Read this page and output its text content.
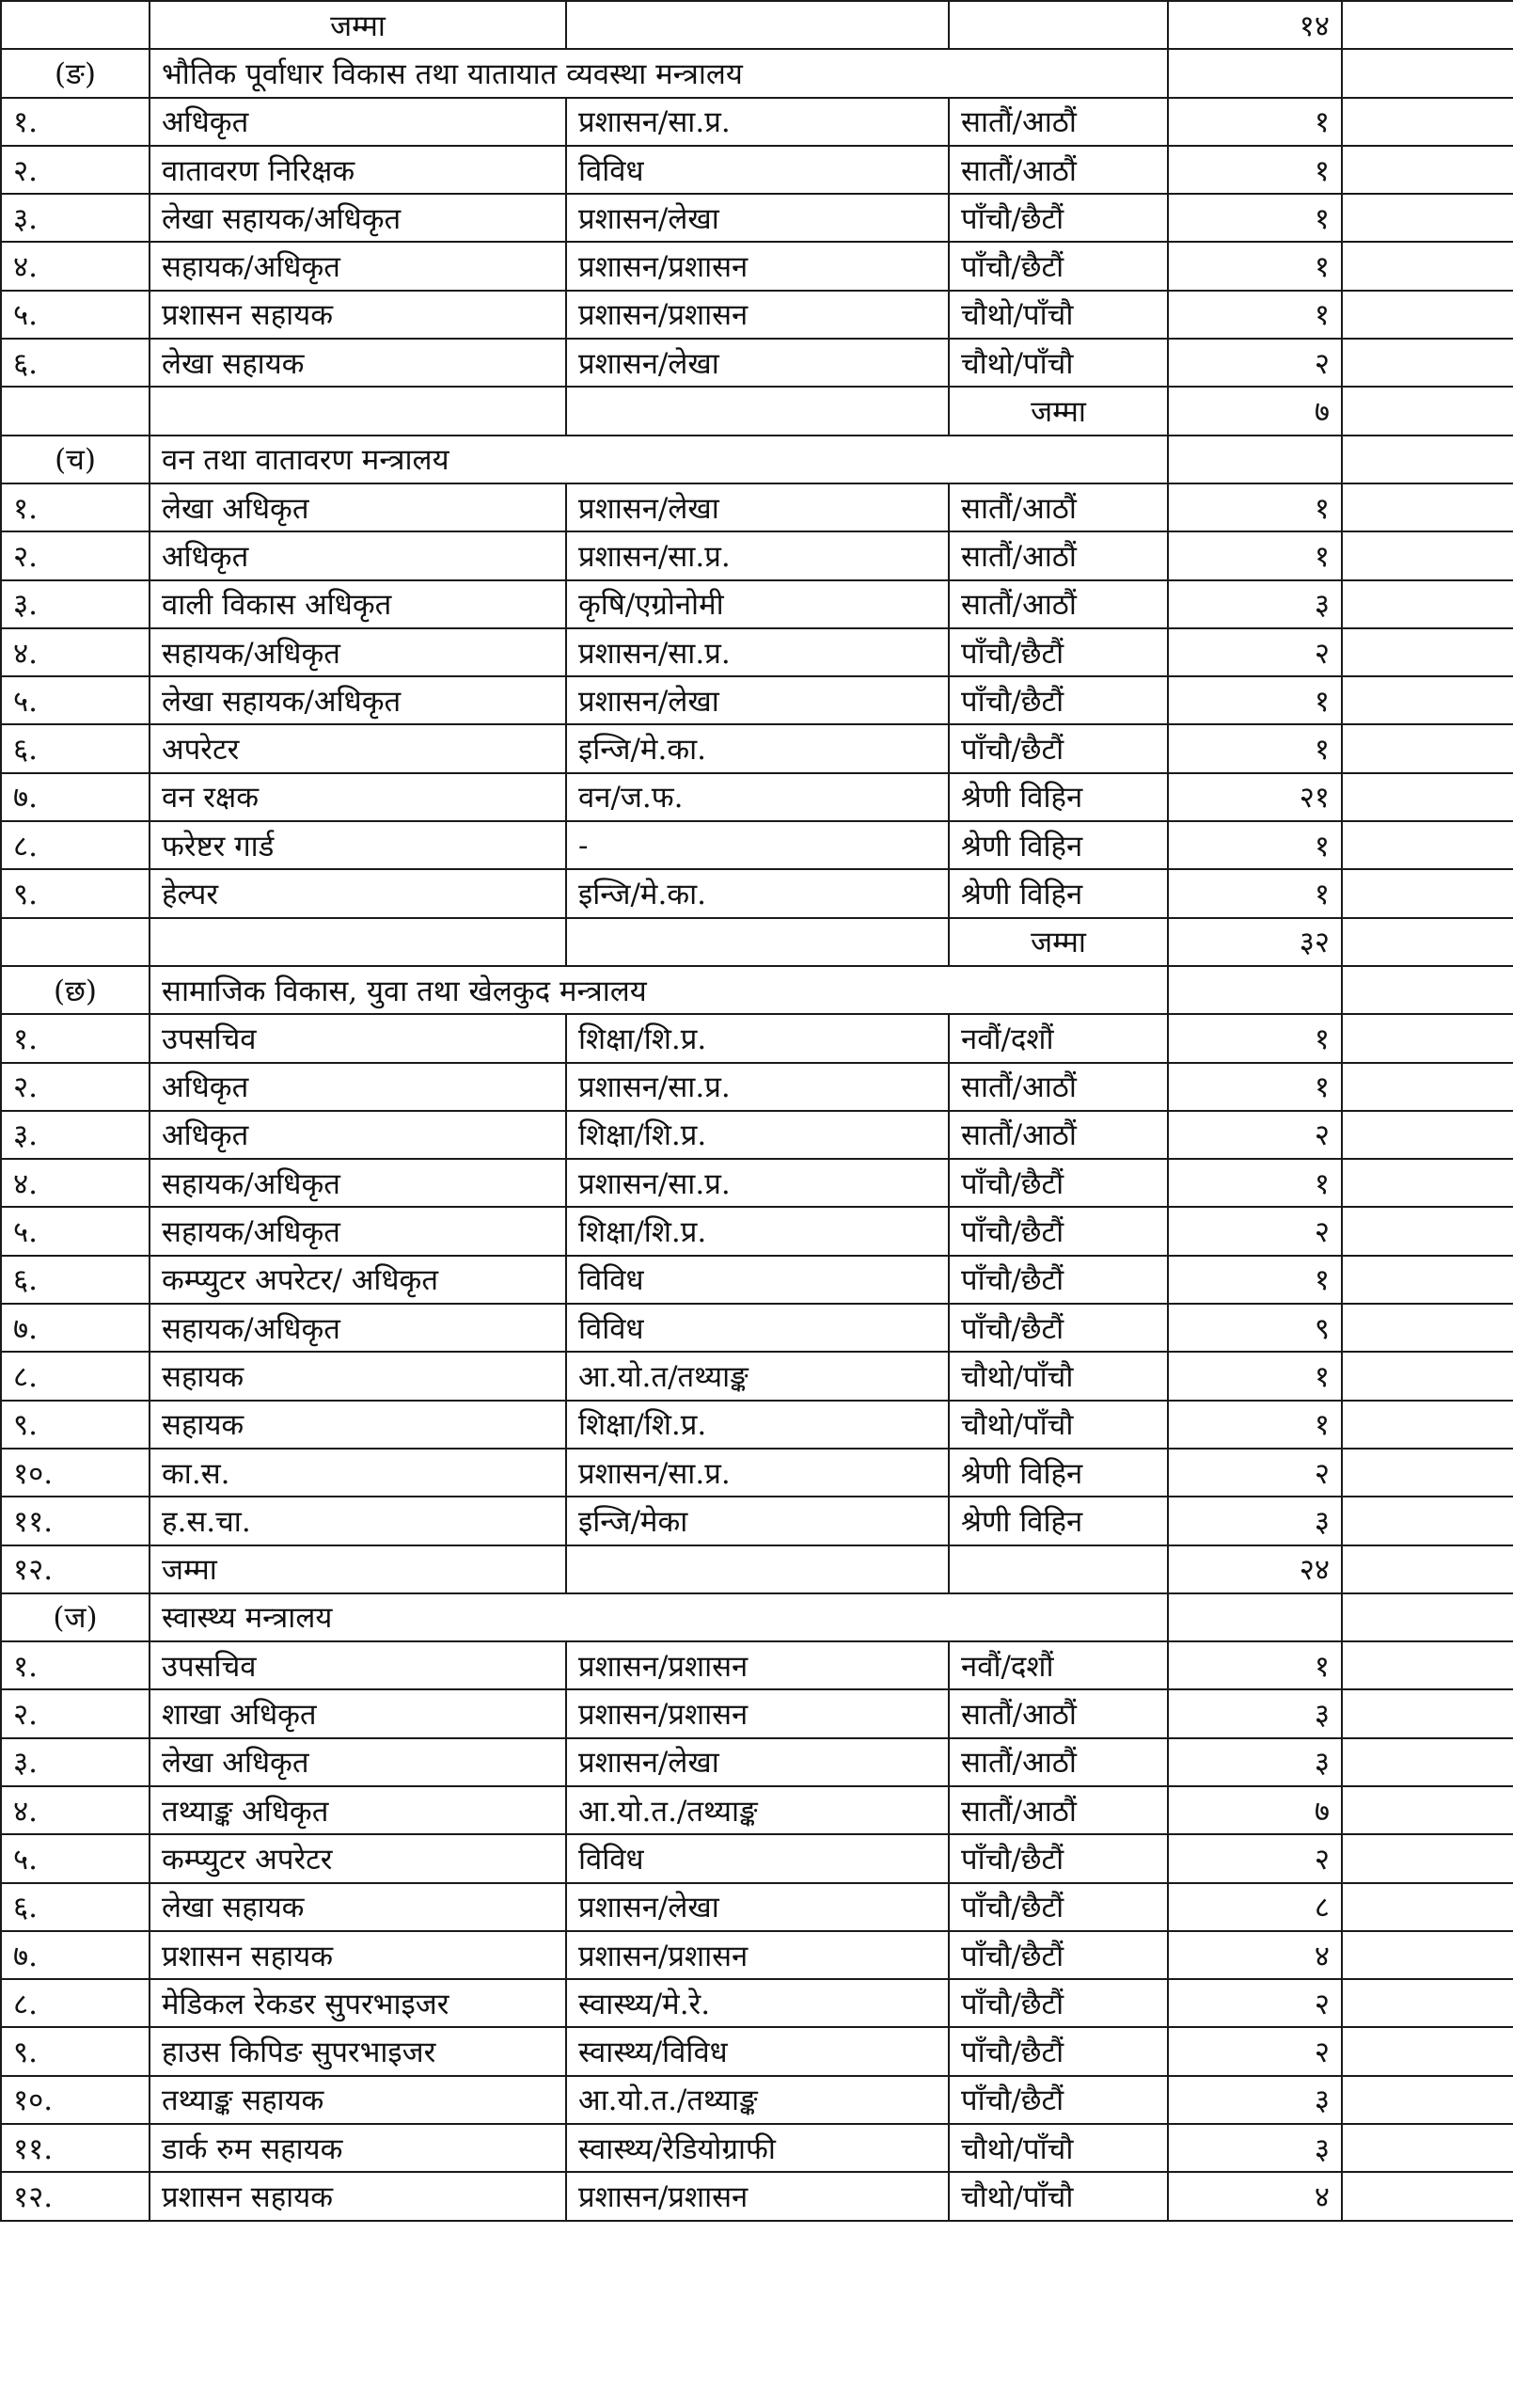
	जम्मा			१४	
(ङ)	भौतिक पूर्वाधार विकास तथा यातायात व्यवस्था मन्त्रालय				
१.	अधिकृत	प्रशासन/सा.प्र.	सातौं/आठौं	१	
२.	वातावरण निरिक्षक	विविध	सातौं/आठौं	१	
३.	लेखा सहायक/अधिकृत	प्रशासन/लेखा	पाँचौ/छैटौं	१	
४.	सहायक/अधिकृत	प्रशासन/प्रशासन	पाँचौ/छैटौं	१	
५.	प्रशासन सहायक	प्रशासन/प्रशासन	चौथो/पाँचौ	१	
६.	लेखा सहायक	प्रशासन/लेखा	चौथो/पाँचौ	२	
			जम्मा	७	
(च)	वन तथा वातावरण मन्त्रालय				
१.	लेखा अधिकृत	प्रशासन/लेखा	सातौं/आठौं	१	
२.	अधिकृत	प्रशासन/सा.प्र.	सातौं/आठौं	१	
३.	वाली विकास अधिकृत	कृषि/एग्रोनोमी	सातौं/आठौं	३	
४.	सहायक/अधिकृत	प्रशासन/सा.प्र.	पाँचौ/छैटौं	२	
५.	लेखा सहायक/अधिकृत	प्रशासन/लेखा	पाँचौ/छैटौं	१	
६.	अपरेटर	इन्जि/मे.का.	पाँचौ/छैटौं	१	
७.	वन रक्षक	वन/ज.फ.	श्रेणी विहिन	२१	
८.	फरेष्टर गार्ड	-	श्रेणी विहिन	१	
९.	हेल्पर	इन्जि/मे.का.	श्रेणी विहिन	१	
			जम्मा	३२	
(छ)	सामाजिक विकास, युवा तथा खेलकुद मन्त्रालय				
१.	उपसचिव	शिक्षा/शि.प्र.	नवौं/दशौं	१	
२.	अधिकृत	प्रशासन/सा.प्र.	सातौं/आठौं	१	
३.	अधिकृत	शिक्षा/शि.प्र.	सातौं/आठौं	२	
४.	सहायक/अधिकृत	प्रशासन/सा.प्र.	पाँचौ/छैटौं	१	
५.	सहायक/अधिकृत	शिक्षा/शि.प्र.	पाँचौ/छैटौं	२	
६.	कम्प्युटर अपरेटर/ अधिकृत	विविध	पाँचौ/छैटौं	१	
७.	सहायक/अधिकृत	विविध	पाँचौ/छैटौं	९	
८.	सहायक	आ.यो.त/तथ्याङ्क	चौथो/पाँचौ	१	
९.	सहायक	शिक्षा/शि.प्र.	चौथो/पाँचौ	१	
१०.	का.स.	प्रशासन/सा.प्र.	श्रेणी विहिन	२	
११.	ह.स.चा.	इन्जि/मेका	श्रेणी विहिन	३	
१२.	जम्मा			२४	
(ज)	स्वास्थ्य मन्त्रालय				
१.	उपसचिव	प्रशासन/प्रशासन	नवौं/दशौं	१	
२.	शाखा अधिकृत	प्रशासन/प्रशासन	सातौं/आठौं	३	
३.	लेखा अधिकृत	प्रशासन/लेखा	सातौं/आठौं	३	
४.	तथ्याङ्क अधिकृत	आ.यो.त./तथ्याङ्क	सातौं/आठौं	७	
५.	कम्प्युटर अपरेटर	विविध	पाँचौ/छैटौं	२	
६.	लेखा सहायक	प्रशासन/लेखा	पाँचौ/छैटौं	८	
७.	प्रशासन सहायक	प्रशासन/प्रशासन	पाँचौ/छैटौं	४	
८.	मेडिकल रेकडर सुपरभाइजर	स्वास्थ्य/मे.रे.	पाँचौ/छैटौं	२	
९.	हाउस किपिङ सुपरभाइजर	स्वास्थ्य/विविध	पाँचौ/छैटौं	२	
१०.	तथ्याङ्क सहायक	आ.यो.त./तथ्याङ्क	पाँचौ/छैटौं	३	
११.	डार्क रुम सहायक	स्वास्थ्य/रेडियोग्राफी	चौथो/पाँचौ	३	
१२.	प्रशासन सहायक	प्रशासन/प्रशासन	चौथो/पाँचौ	४	
